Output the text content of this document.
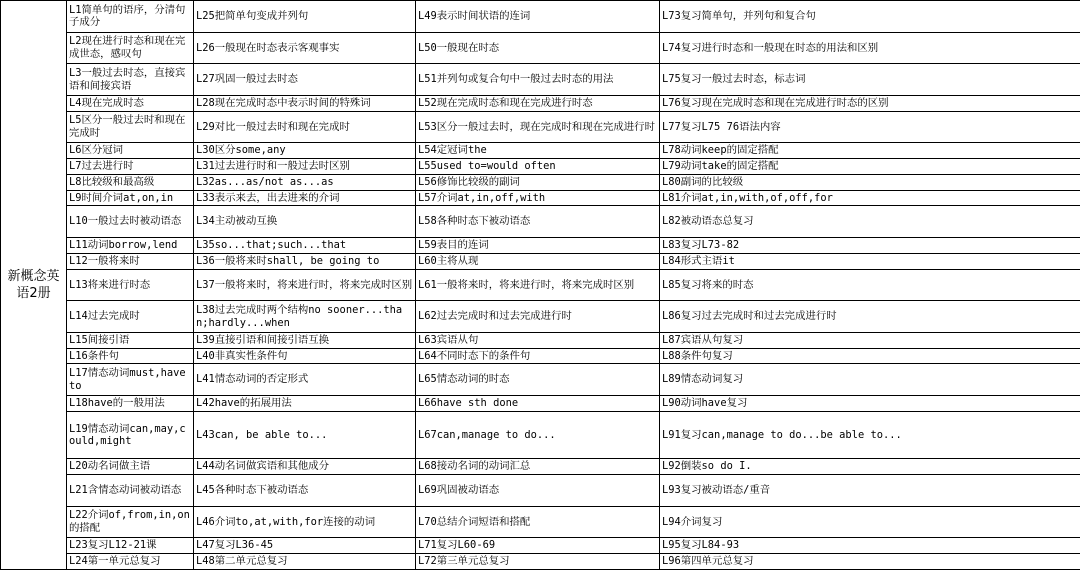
新概念英语2册	L1简单句的语序，分清句子成分	L25把简单句变成并列句	L49表示时间状语的连词	L73复习简单句，并列句和复合句
	L2现在进行时态和现在完成世态，感叹句	L26一般现在时态表示客观事实	L50一般现在时态	L74复习进行时态和一般现在时态的用法和区别
	L3一般过去时态，直接宾语和间接宾语	L27巩固一般过去时态	L51并列句或复合句中一般过去时态的用法	L75复习一般过去时态，标志词
	L4现在完成时态	L28现在完成时态中表示时间的特殊词	L52现在完成时态和现在完成进行时态	L76复习现在完成时态和现在完成进行时态的区别
	L5区分一般过去时和现在完成时	L29对比一般过去时和现在完成时	L53区分一般过去时，现在完成时和现在完成进行时	L77复习L75 76语法内容
	L6区分冠词	L30区分some,any	L54定冠词the	L78动词keep的固定搭配
	L7过去进行时	L31过去进行时和一般过去时区别	L55used to=would often	L79动词take的固定搭配
	L8比较级和最高级	L32as...as/not as...as	L56修饰比较级的副词	L80副词的比较级
	L9时间介词at,on,in	L33表示来去，出去进来的介词	L57介词at,in,off,with	L81介词at,in,with,of,off,for
	L10一般过去时被动语态	L34主动被动互换	L58各种时态下被动语态	L82被动语态总复习
	L11动词borrow,lend	L35so...that;such...that	L59表目的连词	L83复习L73-82
	L12一般将来时	L36一般将来时shall, be going to	L60主将从现	L84形式主语it
	L13将来进行时态	L37一般将来时，将来进行时，将来完成时区别	L61一般将来时，将来进行时，将来完成时区别	L85复习将来的时态
	L14过去完成时	L38过去完成时两个结构no sooner...than;hardly...when	L62过去完成时和过去完成进行时	L86复习过去完成时和过去完成进行时
	L15间接引语	L39直接引语和间接引语互换	L63宾语从句	L87宾语从句复习
	L16条件句	L40非真实性条件句	L64不同时态下的条件句	L88条件句复习
	L17情态动词must,have to	L41情态动词的否定形式	L65情态动词的时态	L89情态动词复习
	L18have的一般用法	L42have的拓展用法	L66have sth done	L90动词have复习
	L19情态动词can,may,could,might	L43can, be able to...	L67can,manage to do...	L91复习can,manage to do...be able to...
	L20动名词做主语	L44动名词做宾语和其他成分	L68接动名词的动词汇总	L92倒装so do I.
	L21含情态动词被动语态	L45各种时态下被动语态	L69巩固被动语态	L93复习被动语态/重音
	L22介词of,from,in,on的搭配	L46介词to,at,with,for连接的动词	L70总结介词短语和搭配	L94介词复习
	L23复习L12-21课	L47复习L36-45	L71复习L60-69	L95复习L84-93
	L24第一单元总复习	L48第二单元总复习	L72第三单元总复习	L96第四单元总复习
